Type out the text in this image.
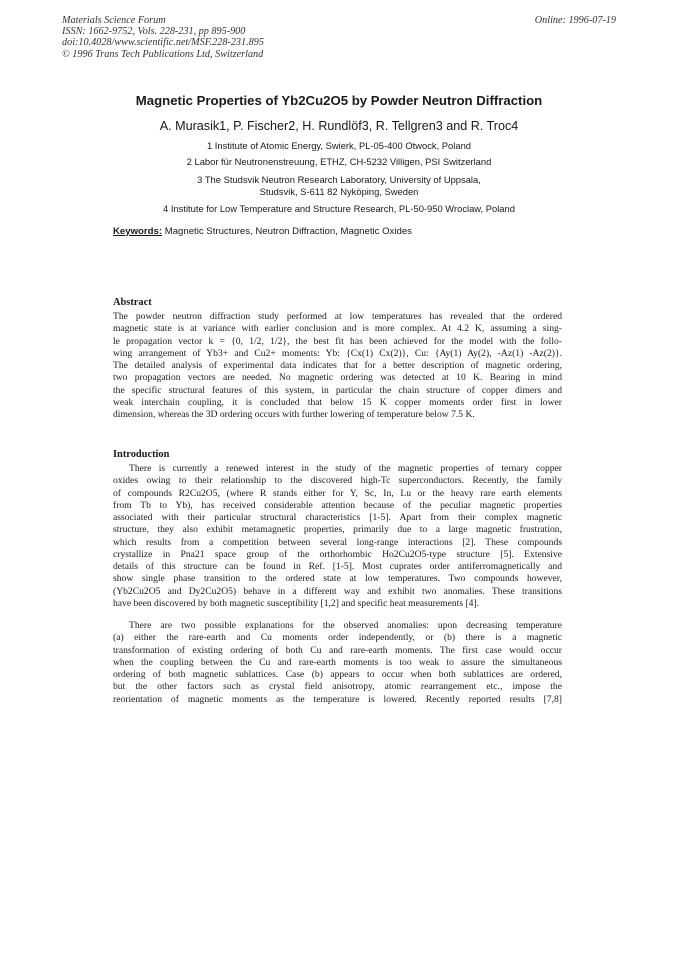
Materials Science Forum
ISSN: 1662-9752, Vols. 228-231, pp 895-900
doi:10.4028/www.scientific.net/MSF.228-231.895
© 1996 Trans Tech Publications Ltd, Switzerland
Online: 1996-07-19
Magnetic Properties of Yb2Cu2O5 by Powder Neutron Diffraction
A. Murasik1, P. Fischer2, H. Rundlöf3, R. Tellgren3 and R. Troc4
1 Institute of Atomic Energy, Swierk, PL-05-400 Otwock, Poland
2 Labor für Neutronenstreuung, ETHZ, CH-5232 Villigen, PSI Switzerland
3 The Studsvik Neutron Research Laboratory, University of Uppsala, Studsvik, S-611 82 Nyköping, Sweden
4 Institute for Low Temperature and Structure Research, PL-50-950 Wroclaw, Poland
Keywords: Magnetic Structures, Neutron Diffraction, Magnetic Oxides
Abstract
The powder neutron diffraction study performed at low temperatures has revealed that the ordered
magnetic state is at variance with earlier conclusion and is more complex. At 4.2 K, assuming a sing-
le propagation vector k = {0, 1/2, 1/2}, the best fit has been achieved for the model with the follo-
wing arrangement of Yb3+ and Cu2+ moments: Yb: {Cx(1) Cx(2)}, Cu: {Ay(1) Ay(2), -Az(1) -Az(2)}.
The detailed analysis of experimental data indicates that for a better description of magnetic ordering,
two propagation vectors are needed. No magnetic ordering was detected at 10 K. Bearing in mind
the specific structural features of this system, in particular the chain structure of copper dimers and
weak interchain coupling, it is concluded that below 15 K copper moments order first in lower
dimension, whereas the 3D ordering occurs with further lowering of temperature below 7.5 K.
Introduction
There is currently a renewed interest in the study of the magnetic properties of ternary copper
oxides owing to their relationship to the discovered high-Tc superconductors. Recently, the family
of compounds R2Cu2O5, (where R stands either for Y, Sc, In, Lu or the heavy rare earth elements
from Tb to Yb), has received considerable attention because of the peculiar magnetic properties
associated with their particular structural characteristics [1-5]. Apart from their complex magnetic
structure, they also exhibit metamagnetic properties, primarily due to a large magnetic frustration,
which results from a competition between several long-range interactions [2]. These compounds
crystallize in Pna21 space group of the orthorhombic Ho2Cu2O5-type structure [5]. Extensive
details of this structure can be found in Ref. [1-5]. Most cuprates order antiferromagnetically and
show single phase transition to the ordered state at low temperatures. Two compounds however,
(Yb2Cu2O5 and Dy2Cu2O5) behave in a different way and exhibit two anomalies. These transitions
have been discovered by both magnetic susceptibility [1,2] and specific heat measurements [4].
There are two possible explanations for the observed anomalies: upon decreasing temperature
(a) either the rare-earth and Cu moments order independently, or (b) there is a magnetic
transformation of existing ordering of both Cu and rare-earth moments. The first case would occur
when the coupling between the Cu and rare-earth moments is too weak to assure the simultaneous
ordering of both magnetic sublattices. Case (b) appears to occur when both sublattices are ordered,
but the other factors such as crystal field anisotropy, atomic rearrangement etc., impose the
reorientation of magnetic moments as the temperature is lowered. Recently reported results [7,8]
